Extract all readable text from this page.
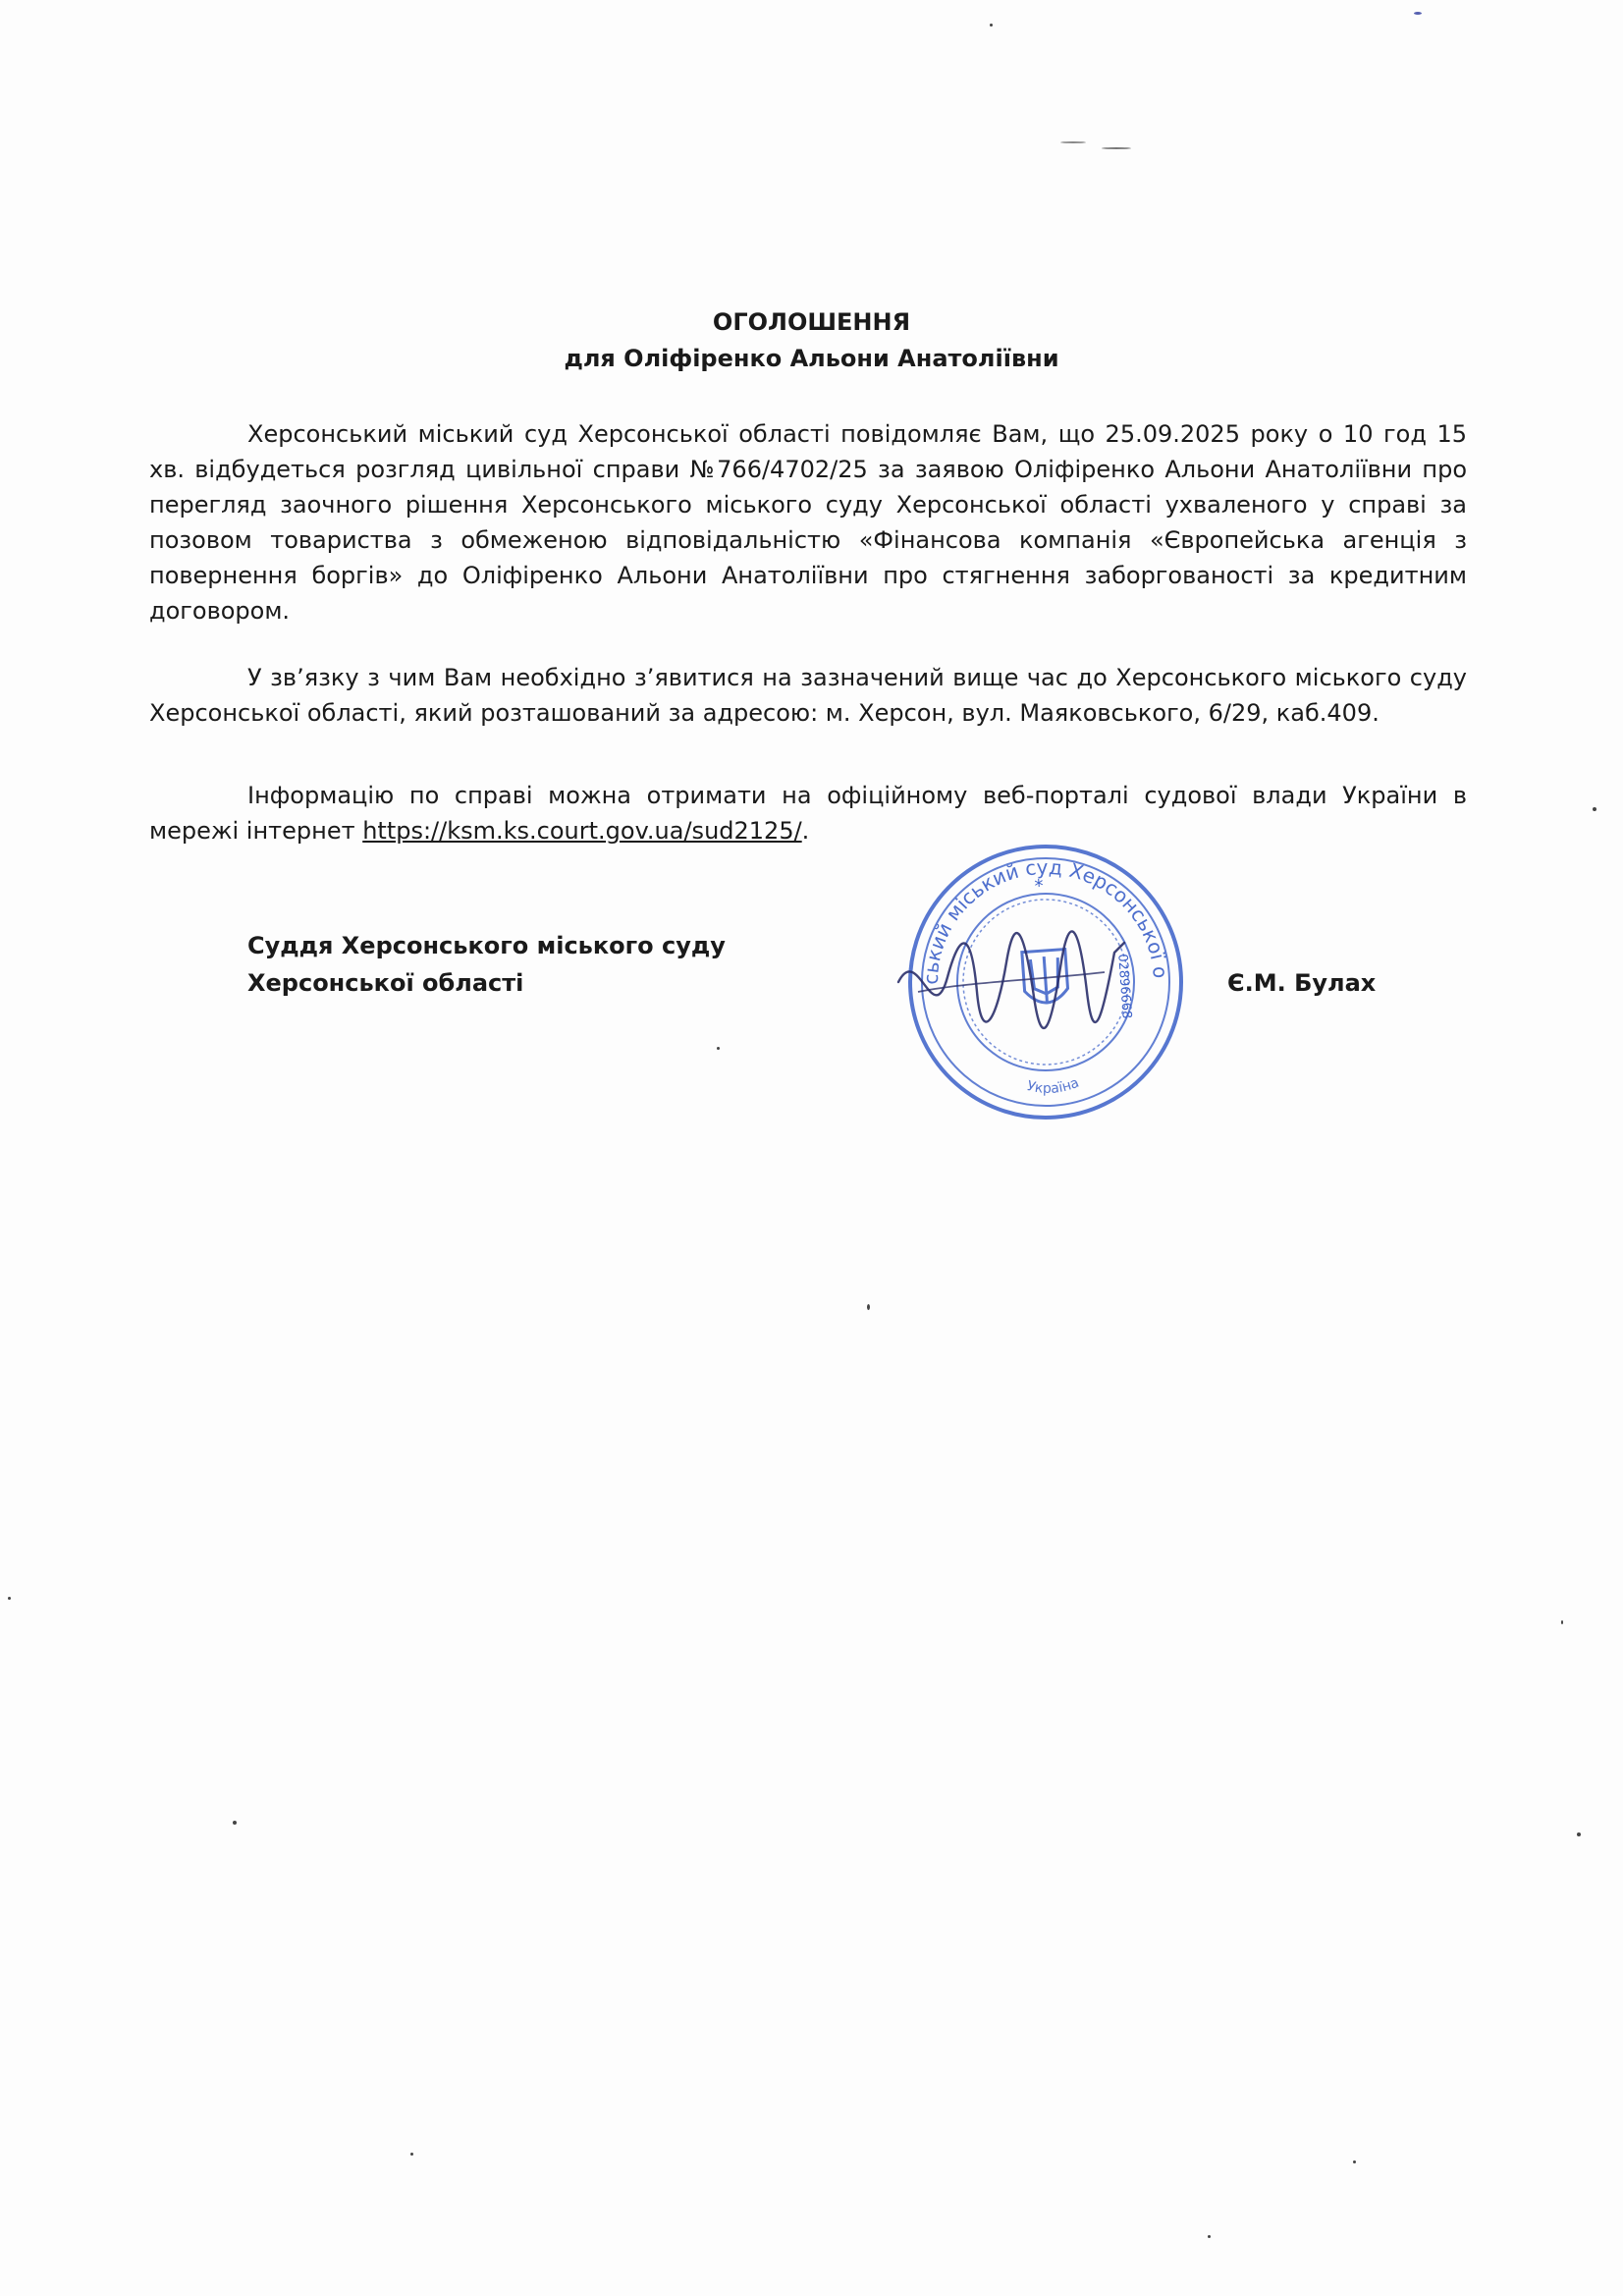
ОГОЛОШЕННЯ
для Оліфіренко Альони Анатоліївни

Херсонський міський суд Херсонської області повідомляє Вам, що 25.09.2025 року о 10 год 15 хв. відбудеться розгляд цивільної справи №766/4702/25 за заявою Оліфіренко Альони Анатоліївни про перегляд заочного рішення Херсонського міського суду Херсонської області ухваленого у справі за позовом товариства з обмеженою відповідальністю «Фінансова компанія «Європейська агенція з повернення боргів» до Оліфіренко Альони Анатоліївни про стягнення заборгованості за кредитним договором.

У зв’язку з чим Вам необхідно з’явитися на зазначений вище час до Херсонського міського суду Херсонської області, який розташований за адресою: м. Херсон, вул. Маяковського, 6/29, каб.409.

Інформацію по справі можна отримати на офіційному веб-порталі судової влади України в мережі інтернет https://ksm.ks.court.gov.ua/sud2125/.

Суддя Херсонського міського суду
Херсонської області	Є.М. Булах
Херсонський міський суд Херсонської області
Україна
*
02896668
